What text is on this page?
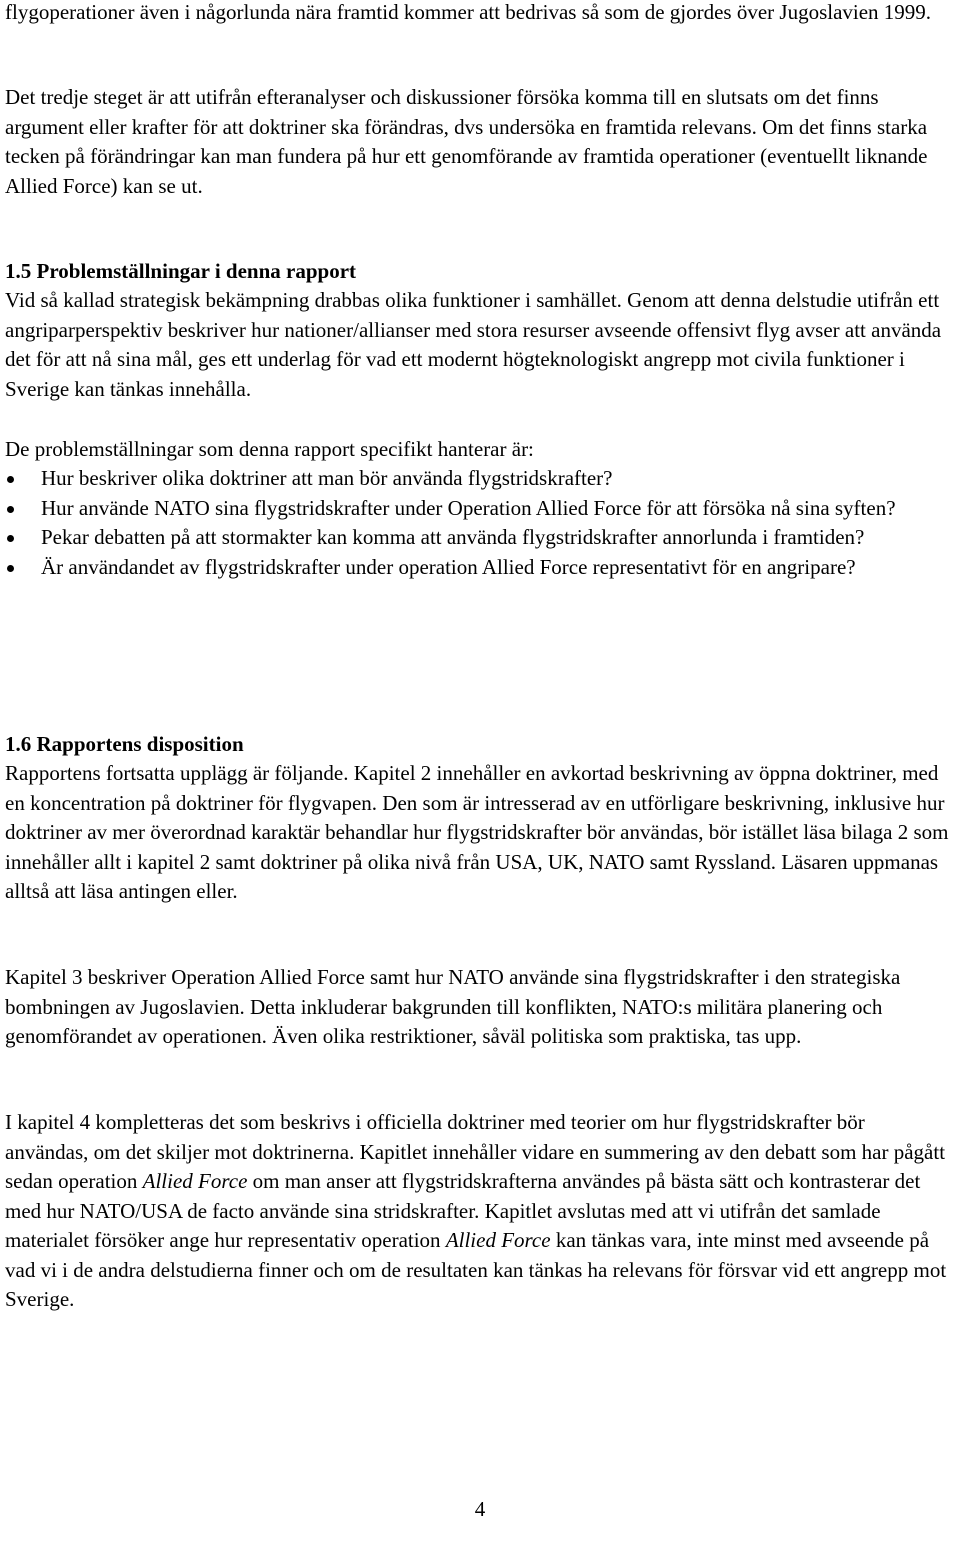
flygoperationer även i någorlunda nära framtid kommer att bedrivas så som de gjordes över Jugoslavien 1999.

Det tredje steget är att utifrån efteranalyser och diskussioner försöka komma till en slutsats om det finns argument eller krafter för att doktriner ska förändras, dvs undersöka en framtida relevans. Om det finns starka tecken på förändringar kan man fundera på hur ett genomförande av framtida operationer (eventuellt liknande Allied Force) kan se ut.

1.5 Problemställningar i denna rapport

Vid så kallad strategisk bekämpning drabbas olika funktioner i samhället. Genom att denna delstudie utifrån ett angriparperspektiv beskriver hur nationer/allianser med stora resurser avseende offensivt flyg avser att använda det för att nå sina mål, ges ett underlag för vad ett modernt högteknologiskt angrepp mot civila funktioner i Sverige kan tänkas innehålla.

De problemställningar som denna rapport specifikt hanterar är:

Hur beskriver olika doktriner att man bör använda flygstridskrafter?
Hur använde NATO sina flygstridskrafter under Operation Allied Force för att försöka nå sina syften?
Pekar debatten på att stormakter kan komma att använda flygstridskrafter annorlunda i framtiden?
Är användandet av flygstridskrafter under operation Allied Force representativt för en angripare?

1.6 Rapportens disposition

Rapportens fortsatta upplägg är följande. Kapitel 2 innehåller en avkortad beskrivning av öppna doktriner, med en koncentration på doktriner för flygvapen. Den som är intresserad av en utförligare beskrivning, inklusive hur doktriner av mer överordnad karaktär behandlar hur flygstridskrafter bör användas, bör istället läsa bilaga 2 som innehåller allt i kapitel 2 samt doktriner på olika nivå från USA, UK, NATO samt Ryssland. Läsaren uppmanas alltså att läsa antingen eller.

Kapitel 3 beskriver Operation Allied Force samt hur NATO använde sina flygstridskrafter i den strategiska bombningen av Jugoslavien. Detta inkluderar bakgrunden till konflikten, NATO:s militära planering och genomförandet av operationen. Även olika restriktioner, såväl politiska som praktiska, tas upp.

I kapitel 4 kompletteras det som beskrivs i officiella doktriner med teorier om hur flygstridskrafter bör användas, om det skiljer mot doktrinerna. Kapitlet innehåller vidare en summering av den debatt som har pågått sedan operation Allied Force om man anser att flygstridskrafterna användes på bästa sätt och kontrasterar det med hur NATO/USA de facto använde sina stridskrafter. Kapitlet avslutas med att vi utifrån det samlade materialet försöker ange hur representativ operation Allied Force kan tänkas vara, inte minst med avseende på vad vi i de andra delstudierna finner och om de resultaten kan tänkas ha relevans för försvar vid ett angrepp mot Sverige.

4
